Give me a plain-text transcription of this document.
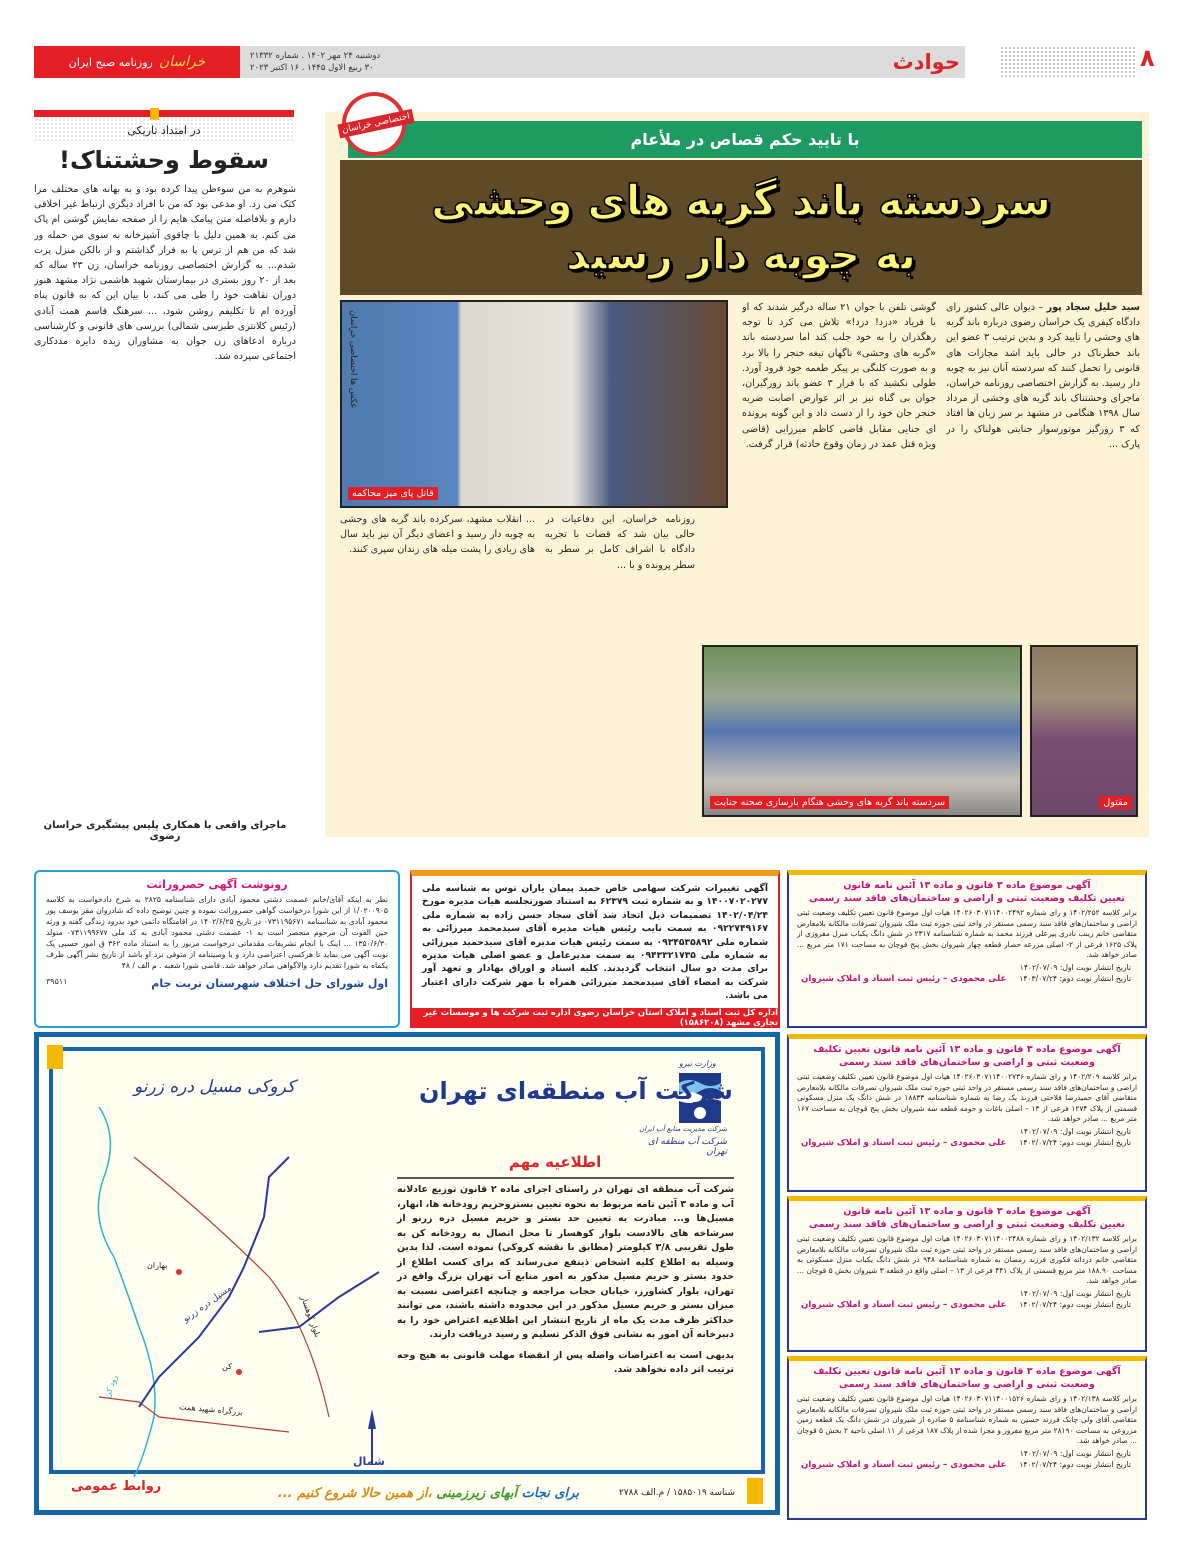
خراسان
روزنامه صبح ایران	دوشنبه ۲۴ مهر ۱۴۰۲ . شماره ۲۱۳۳۲
۳۰ ربیع الاول ۱۴۴۵ . ۱۶ اکتبر ۲۰۲۳	حوادث	۸
در امتداد تاریکی
سقوط وحشتناک!
شوهرم به من سوء‌ظن پیدا کرده بود و به بهانه های مختلف مرا کتک می زد. او مدعی بود که من با افراد دیگری ارتباط غیر اخلاقی دارم و بلافاصله متن پیامک هایم را از صفحه نمایش گوشی ام پاک می کنم. به همین دلیل با چاقوی آشپزخانه به سوی من حمله ور شد که من هم از ترس پا به فرار گذاشتم و از بالکن منزل پرت شدم... به گزارش اختصاصی روزنامه خراسان، زن ۲۳ ساله که بعد از ۲۰ روز بستری در بیمارستان شهید هاشمی نژاد مشهد هنوز دوران نقاهت خود را طی می کند، با بیان این که به قانون پناه آورده ام تا تکلیفم روشن شود، ... سرهنگ قاسم همت آبادی (رئیس کلانتری طبرسی شمالی) بررسی های قانونی و کارشناسی درباره ادعاهای زن جوان به مشاوران زبده دایره مددکاری اجتماعی سپرده شد.
ماجرای واقعی با همکاری پلیس پیشگیری خراسان رضوی
با تایید حکم قصاص در ملأعام
اختصاصی خراسان
سردسته باند گربه های وحشی
به چوبه دار رسید
قاتل پای میز محاکمه
عکس ها اختصاصی خراسان
سید خلیل سجاد پور – دیوان عالی کشور رای دادگاه کیفری یک خراسان رضوی درباره باند گربه های وحشی را تایید کرد و بدین ترتیب ۳ عضو این باند خطرناک در حالی باید اشد مجازات های قانونی را تحمل کنند که سردسته آنان نیز به چوبه دار رسید. به گزارش اختصاصی روزنامه خراسان، ماجرای وحشتناک باند گربه های وحشی از مرداد سال ۱۳۹۸ هنگامی در مشهد بر سر زبان ها افتاد که ۳ زورگیر موتورسوار جنایتی هولناک را در پارک ...
گوشی تلفن با جوان ۲۱ ساله درگیر شدند که او با فریاد «دزد! دزد!» تلاش می کرد تا توجه رهگذران را به خود جلب کند اما سردسته باند «گربه های وحشی» ناگهان تیغه خنجر را بالا برد و به صورت کلنگی بر پیکر طعمه خود فرود آورد. طولی نکشید که با فرار ۳ عضو باند زورگیران، جوان بی گناه نیز بر اثر عوارض اصابت ضربه خنجر جان خود را از دست داد و این گونه پرونده ای جنایی مقابل قاضی کاظم میرزایی (قاضی ویژه قتل عمد در زمان وقوع حادثه) قرار گرفت.
روزنامه خراسان، این دفاعیات در حالی بیان شد که قضات با تجربه دادگاه با اشراف کامل بر سطر به سطر پرونده و با ...
... انقلاب مشهد، سرکرده باند گربه های وحشی به چوبه دار رسید و اعضای دیگر آن نیز باید سال های زیادی را پشت میله های زندان سپری کنند.
سردسته باند گربه های وحشی هنگام بازسازی صحنه جنایت	مقتول
رونوشت آگهی حصروراثت
نظر به اینکه آقای/خانم عصمت دشتی محمود آبادی دارای شناسنامه ۲۸۲۵ به شرح دادخواست به کلاسه ۱/۰۲۰۰۹۰۵ از این شورا درخواست گواهی حصروراثت نموده و چنین توضیح داده که شادروان مقر یوسف پور محمود آبادی به شناسنامه ۰۷۳۱۱۹۵۶۷۱ در تاریخ ۱۴۰۲/۶/۲۵ در اقامتگاه دائمی خود بدرود زندگی گفته و ورثه حین الفوت آن مرحوم منحصر است به ۱- عصمت دشتی محمود آبادی به کد ملی ۰۷۳۱۱۹۹۶۷۷ متولد ۱۳۵۰/۶/۳۰ ... اینک با انجام تشریفات مقدماتی درخواست مزبور را به استناد ماده ۳۶۲ ق امور حسبی یک نوبت آگهی می نماید تا هرکسی اعتراضی دارد و یا وصیتنامه از متوفی نزد او باشد از تاریخ نشر آگهی ظرف یکماه به شورا تقدیم دارد والاگواهی صادر خواهد شد. قاضی شورا شعبه . م الف / ۴۸
اول شورای حل اختلاف شهرستان تربت جام
۳۹۵۱۱
آگهی تغییرات شرکت سهامی خاص حمید پیمان یاران توس به شناسه ملی ۱۴۰۰۷۰۲۰۲۷۷ و به شماره ثبت ۶۲۳۷۹ به استناد صورتجلسه هیات مدیره مورخ ۱۴۰۲/۰۴/۲۴ تصمیمات ذیل اتخاذ شد آقای سجاد حسن زاده به شماره ملی ۰۹۲۲۷۴۹۱۶۷ به سمت نایب رئیس هیات مدیره آقای سیدمحمد میرزائی به شماره ملی ۰۹۳۴۵۳۵۸۹۲ به سمت رئیس هیات مدیره آقای سیدحمید میرزائی به شماره ملی ۰۹۴۳۳۲۱۷۳۵ به سمت مدیرعامل و عضو اصلی هیات مدیره برای مدت دو سال انتخاب گردیدند. کلیه اسناد و اوراق بهادار و تعهد آور شرکت به امضاء آقای سیدمحمد میرزائی همراه با مهر شرکت دارای اعتبار می باشد.
اداره کل ثبت اسناد و املاک استان خراسان رضوی اداره ثبت شرکت ها و موسسات غیر تجاری مشهد (۱۵۸۶۲۰۸)
آگهی موضوع ماده ۳ قانون و ماده ۱۳ آئین نامه قانون
تعیین تکلیف وضعیت ثبتی و اراضی و ساختمان‌های فاقد سند رسمی
برابر کلاسه ۱۴۰۲/۲۵۲ و رای شماره ۱۴۰۲۶۰۳۰۷۱۱۴۰۰۲۴۹۲ هیات اول موضوع قانون تعیین تکلیف وضعیت ثبتی اراضی و ساختمان‌های فاقد سند رسمی مستقر در واحد ثبتی حوزه ثبت ملک شیروان تصرفات مالکانه بلامعارض متقاضی خانم زینب نادری پیرعلی فرزند محمد به شماره شناسنامه ۲۳۱۷ در شش دانگ یکباب منزل مفروزی از پلاک ۱۶۲۵ فرعی از ۲- اصلی مزرعه حصار قطعه چهار شیروان بخش پنج قوچان به مساحت ۱۷۱ متر مربع ... صادر خواهد شد.
تاریخ انتشار نوبت اول: ۱۴۰۲/۰۷/۰۹
تاریخ انتشار نوبت دوم: ۱۴۰۳/۰۷/۲۴
علی محمودی – رئیس ثبت اسناد و املاک شیروان
آگهی موضوع ماده ۳ قانون و ماده ۱۳ آئین نامه قانون تعیین تکلیف
وضعیت ثبتی و اراضی و ساختمان‌های فاقد سند رسمی
برابر کلاسه ۱۴۰۲/۲۰۹ و رای شماره ۱۴۰۲۶۰۳۰۷۱۱۴۰۰۲۷۳۶ هیات اول موضوع قانون تعیین تکلیف وضعیت ثبتی اراضی و ساختمان‌های فاقد سند رسمی مستقر در واحد ثبتی حوزه ثبت ملک شیروان تصرفات مالکانه بلامعارض متقاضی آقای حمیدرضا فلاحتی فرزند یک رضا به شماره شناسنامه ۱۸۸۳۳ در شش دانگ یک منزل مسکونی قسمتی از پلاک ۱۲۷۴ فرعی از ۱۳ – اصلی باغات و حومه قطعه سه شیروان بخش پنج قوچان به مساحت ۱۶۷ متر مربع ... صادر خواهد شد.
تاریخ انتشار نوبت اول: ۱۴۰۲/۰۷/۰۹
تاریخ انتشار نوبت دوم: ۱۴۰۲/۰۷/۲۴
علی محمودی – رئیس ثبت اسناد و املاک شیروان
آگهی موضوع ماده ۳ قانون و ماده ۱۳ آئین نامه قانون
تعیین تکلیف وضعیت ثبتی و اراضی و ساختمان‌های فاقد سند رسمی
برابر کلاسه ۱۴۰۲/۱۳۲ و رای شماره ۱۴۰۲۶۰۳۰۷۱۱۴۰۰۲۴۸۸ هیات اول موضوع قانون تعیین تکلیف وضعیت ثبتی اراضی و ساختمان‌های فاقد سند رسمی مستقر در واحد ثبتی حوزه ثبت ملک شیروان تصرفات مالکانه بلامعارض متقاضی خانم دردانه فکوری فرزند رمضان به شماره شناسنامه ۹۴۸ در شش دانگ یکباب منزل مسکونی به مساحت ۱۸۸.۹۰ متر مربع قسمتی از پلاک ۴۴۱ فرعی از ۱۳ – اصلی واقع در قطعه ۳ شیروان بخش ۵ قوچان ... صادر خواهد شد.
تاریخ انتشار نوبت اول: ۱۴۰۲/۰۷/۰۹
تاریخ انتشار نوبت دوم: ۱۴۰۲/۰۷/۲۴
علی محمودی – رئیس ثبت اسناد و املاک شیروان
آگهی موضوع ماده ۳ قانون و ماده ۱۳ آئین نامه قانون تعیین تکلیف
وضعیت ثبتی و اراضی و ساختمان‌های فاقد سند رسمی
برابر کلاسه ۱۴۰۲/۱۳۸ و رای شماره ۱۴۰۲۶۰۳۰۷۱۱۴۰۰۱۵۲۶ هیات اول موضوع قانون تعیین تکلیف وضعیت ثبتی اراضی و ساختمان‌های فاقد سند رسمی مستقر در واحد ثبتی حوزه ثبت ملک شیروان تصرفات مالکانه بلامعارض متقاضی آقای ولی چابک فرزند حسین به شماره شناسنامه ۵ صادره از شیروان در شش دانگ یک قطعه زمین مزروعی به مساحت ۲۸۱۹۰ متر مربع مفروز و مجزا شده از پلاک ۱۸۷ فرعی از ۱۱ اصلی ناحیه ۲ بخش ۵ قوچان ... صادر خواهد شد.
تاریخ انتشار نوبت اول: ۱۴۰۲/۰۷/۰۹
تاریخ انتشار نوبت دوم: ۱۴۰۲/۰۷/۲۴
علی محمودی – رئیس ثبت اسناد و املاک شیروان
وزارت نیرو
شرکت آب منطقه‌ای تهران
شرکت مدیریت منابع آب ایران
شرکت آب منطقه ای تهران
اطلاعیه مهم
شرکت آب منطقه ای تهران در راستای اجرای ماده ۲ قانون توزیع عادلانه آب و ماده ۳ آئین نامه مربوط به نحوه تعیین بستروحریم رودخانه ها، انهار، مسیل‌ها و... مبادرت به تعیین حد بستر و حریم مسیل دره زرنو از سرشاخه های بالادست بلوار کوهسار تا محل اتصال به رودخانه کن به طول تقریبی ۳/۸ کیلومتر (مطابق با نقشه کروکی) نموده است. لذا بدین وسیله به اطلاع کلیه اشخاص ذینفع می‌رساند که برای کسب اطلاع از حدود بستر و حریم مسیل مذکور به امور منابع آب تهران بزرگ واقع در تهران، بلوار کشاورز، خیابان حجاب مراجعه و چنانچه اعتراضی نسبت به میزان بستر و حریم مسیل مذکور در این محدوده داشته باشند، می توانند حداکثر ظرف مدت یک ماه از تاریخ انتشار این اطلاعیه اعتراض خود را به دبیرخانه آن امور به نشانی فوق الذکر تسلیم و رسید دریافت دارند.
بدیهی است به اعتراضات واصله پس از انقضاء مهلت قانونی به هیچ وجه ترتیب اثر داده نخواهد شد.
کروکی مسیل دره زرنو
بهاران
کن
مسیل دره زرنو
رود کن
بلوار کوهسار
بزرگراه شهید همت
شمال
روابط عمومی	شناسه ۱۵۸۵۰۱۹ / م.الف ۲۷۸۸
برای نجات آبهای زیرزمینی ،از همین حالا شروع کنیم ...
